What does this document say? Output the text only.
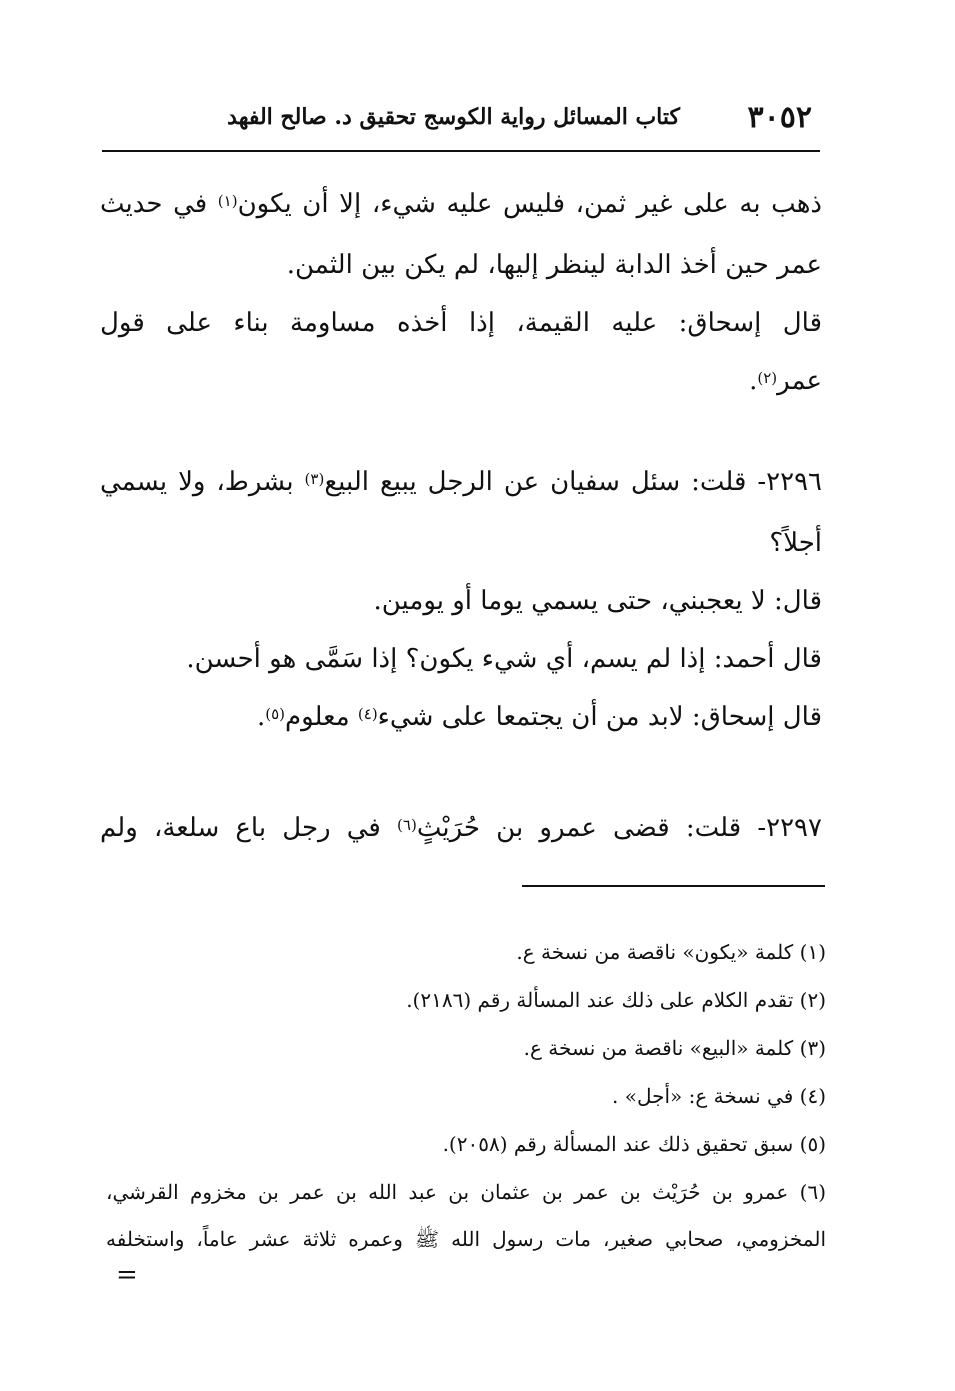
٣٠٥٢
كتاب المسائل رواية الكوسج تحقيق د. صالح الفهد

ذهب به على غير ثمن، فليس عليه شيء، إلا أن يكون$^{(١)}$ في حديث

عمر حين أخذ الدابة لينظر إليها، لم يكن بين الثمن.

قال إسحاق: عليه القيمة، إذا أخذه مساومة بناء على قول

عمر$^{(٢)}$.

٢٢٩٦- قلت: سئل سفيان عن الرجل يبيع البيع$^{(٣)}$ بشرط، ولا يسمي

أجلاً؟

قال: لا يعجبني، حتى يسمي يوما أو يومين.

قال أحمد: إذا لم يسم، أي شيء يكون؟ إذا سَمَّى هو أحسن.

قال إسحاق: لابد من أن يجتمعا على شيء$^{(٤)}$ معلوم$^{(٥)}$.

٢٢٩٧- قلت: قضى عمرو بن حُرَيْثٍ$^{(٦)}$ في رجل باع سلعة، ولم

(١) كلمة «يكون» ناقصة من نسخة ع.

(٢) تقدم الكلام على ذلك عند المسألة رقم (٢١٨٦).

(٣) كلمة «البيع» ناقصة من نسخة ع.

(٤) في نسخة ع: «أجل» .

(٥) سبق تحقيق ذلك عند المسألة رقم (٢٠٥٨).

(٦) عمرو بن حُرَيْث بن عمر بن عثمان بن عبد الله بن عمر بن مخزوم القرشي،

المخزومي، صحابي صغير، مات رسول الله ﷺ وعمره ثلاثة عشر عاماً، واستخلفه

=
